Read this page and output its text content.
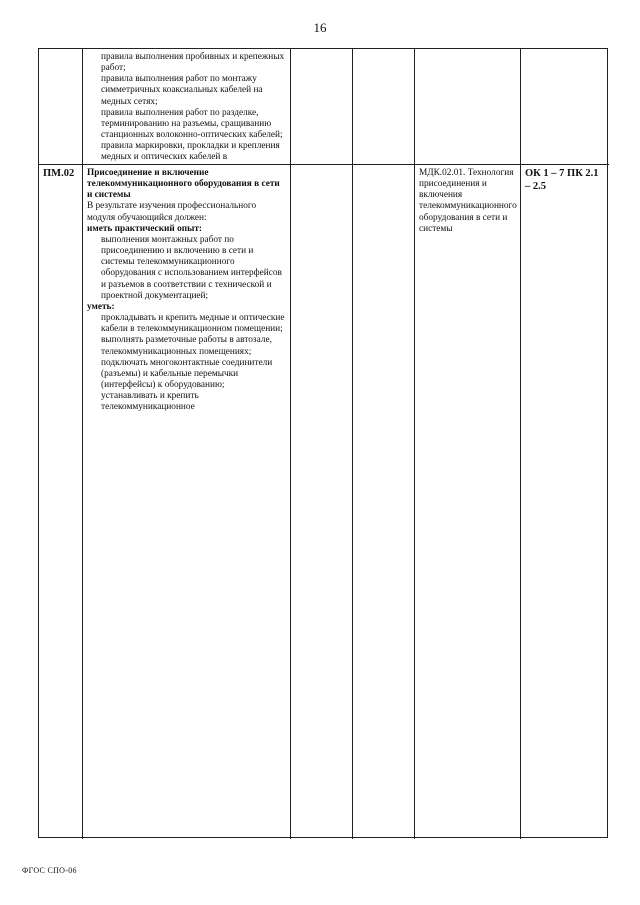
16
правила выполнения пробивных и крепежных работ;
правила выполнения работ по монтажу симметричных коаксиальных кабелей на медных сетях;
правила выполнения работ по разделке, терминированию на разъемы, сращиванию станционных волоконно-оптических кабелей;
правила маркировки, прокладки и крепления медных и оптических кабелей в
ПМ.02	Присоединение и включение телекоммуникационного оборудования в сети и системы
В результате изучения профессионального модуля обучающийся должен:
иметь практический опыт:
выполнения монтажных работ по присоединению и включению в сети и системы телекоммуникационного оборудования с использованием интерфейсов и разъемов в соответствии с технической и проектной документацией;
уметь:
прокладывать и крепить медные и оптические кабели в телекоммуникационном помещении;
выполнять разметочные работы в автозале, телекоммуникационных помещениях;
подключать многоконтактные соединители (разъемы) и кабельные перемычки (интерфейсы) к оборудованию;
устанавливать и крепить телекоммуникационное
МДК.02.01. Технология присоединения и включения телекоммуникационного оборудования в сети и системы
ОК 1 – 7 ПК 2.1 – 2.5
ФГОС СПО-06
